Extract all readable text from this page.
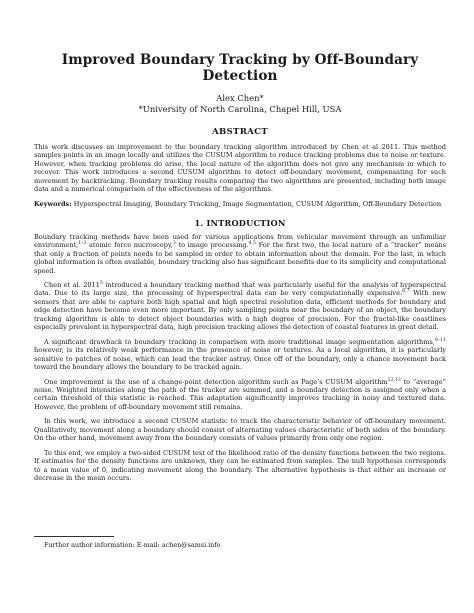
Improved Boundary Tracking by Off-Boundary Detection
Alex Chen*
*University of North Carolina, Chapel Hill, USA
ABSTRACT

This work discusses an improvement to the boundary tracking algorithm introduced by Chen et al 2011. This method samples points in an image locally and utilizes the CUSUM algorithm to reduce tracking problems due to noise or texture. However, when tracking problems do arise, the local nature of the algorithm does not give any mechanism in which to recover. This work introduces a second CUSUM algorithm to detect off-boundary movement, compensating for such movement by backtracking. Boundary tracking results comparing the two algorithms are presented, including both image data and a numerical comparison of the effectiveness of the algorithms.

Keywords: Hyperspectral Imaging, Boundary Tracking, Image Segmentation, CUSUM Algorithm, Off-Boundary Detection

1. INTRODUCTION

Boundary tracking methods have been used for various applications from vehicular movement through an unfamiliar environment,$^{1-3}$ atomic force microscopy,$^3$ to image processing.$^{4,5}$ For the first two, the local nature of a “tracker” means that only a fraction of points needs to be sampled in order to obtain information about the domain. For the last, in which global information is often available, boundary tracking also has significant benefits due to its simplicity and computational speed.

Chen et al. 2011$^5$ introduced a boundary tracking method that was particularly useful for the analysis of hyperspectral data. Due to its large size, the processing of hyperspectral data can be very computationally expensive.$^{6,7}$ With new sensors that are able to capture both high spatial and high spectral resolution data, efficient methods for boundary and edge detection have become even more important. By only sampling points near the boundary of an object, the boundary tracking algorithm is able to detect object boundaries with a high degree of precision. For the fractal-like coastlines especially prevalent in hyperspectral data, high precision tracking allows the detection of coastal features in great detail.

A significant drawback to boundary tracking in comparison with more traditional image segmentation algorithms,$^{8-11}$ however, is its relatively weak performance in the presence of noise or textures. As a local algorithm, it is particularly sensitive to patches of noise, which can lead the tracker astray. Once off of the boundary, only a chance movement back toward the boundary allows the boundary to be tracked again.

One improvement is the use of a change-point detection algorithm such as Page’s CUSUM algorithm$^{12,13}$ to “average” noise. Weighted intensities along the path of the tracker are summed, and a boundary detection is assigned only when a certain threshold of this statistic is reached. This adaptation significantly improves tracking in noisy and textured data. However, the problem of off-boundary movement still remains.

In this work, we introduce a second CUSUM statistic to track the characteristic behavior of off-boundary movement. Qualitatively, movement along a boundary should consist of alternating values characteristic of both sides of the boundary. On the other hand, movement away from the boundary consists of values primarily from only one region.

To this end, we employ a two-sided CUSUM test of the likelihood ratio of the density functions between the two regions. If estimates for the density functions are unknown, they can be estimated from samples. The null hypothesis corresponds to a mean value of 0, indicating movement along the boundary. The alternative hypothesis is that either an increase or decrease in the mean occurs.

Further author information: E-mail: achen@samsi.info
